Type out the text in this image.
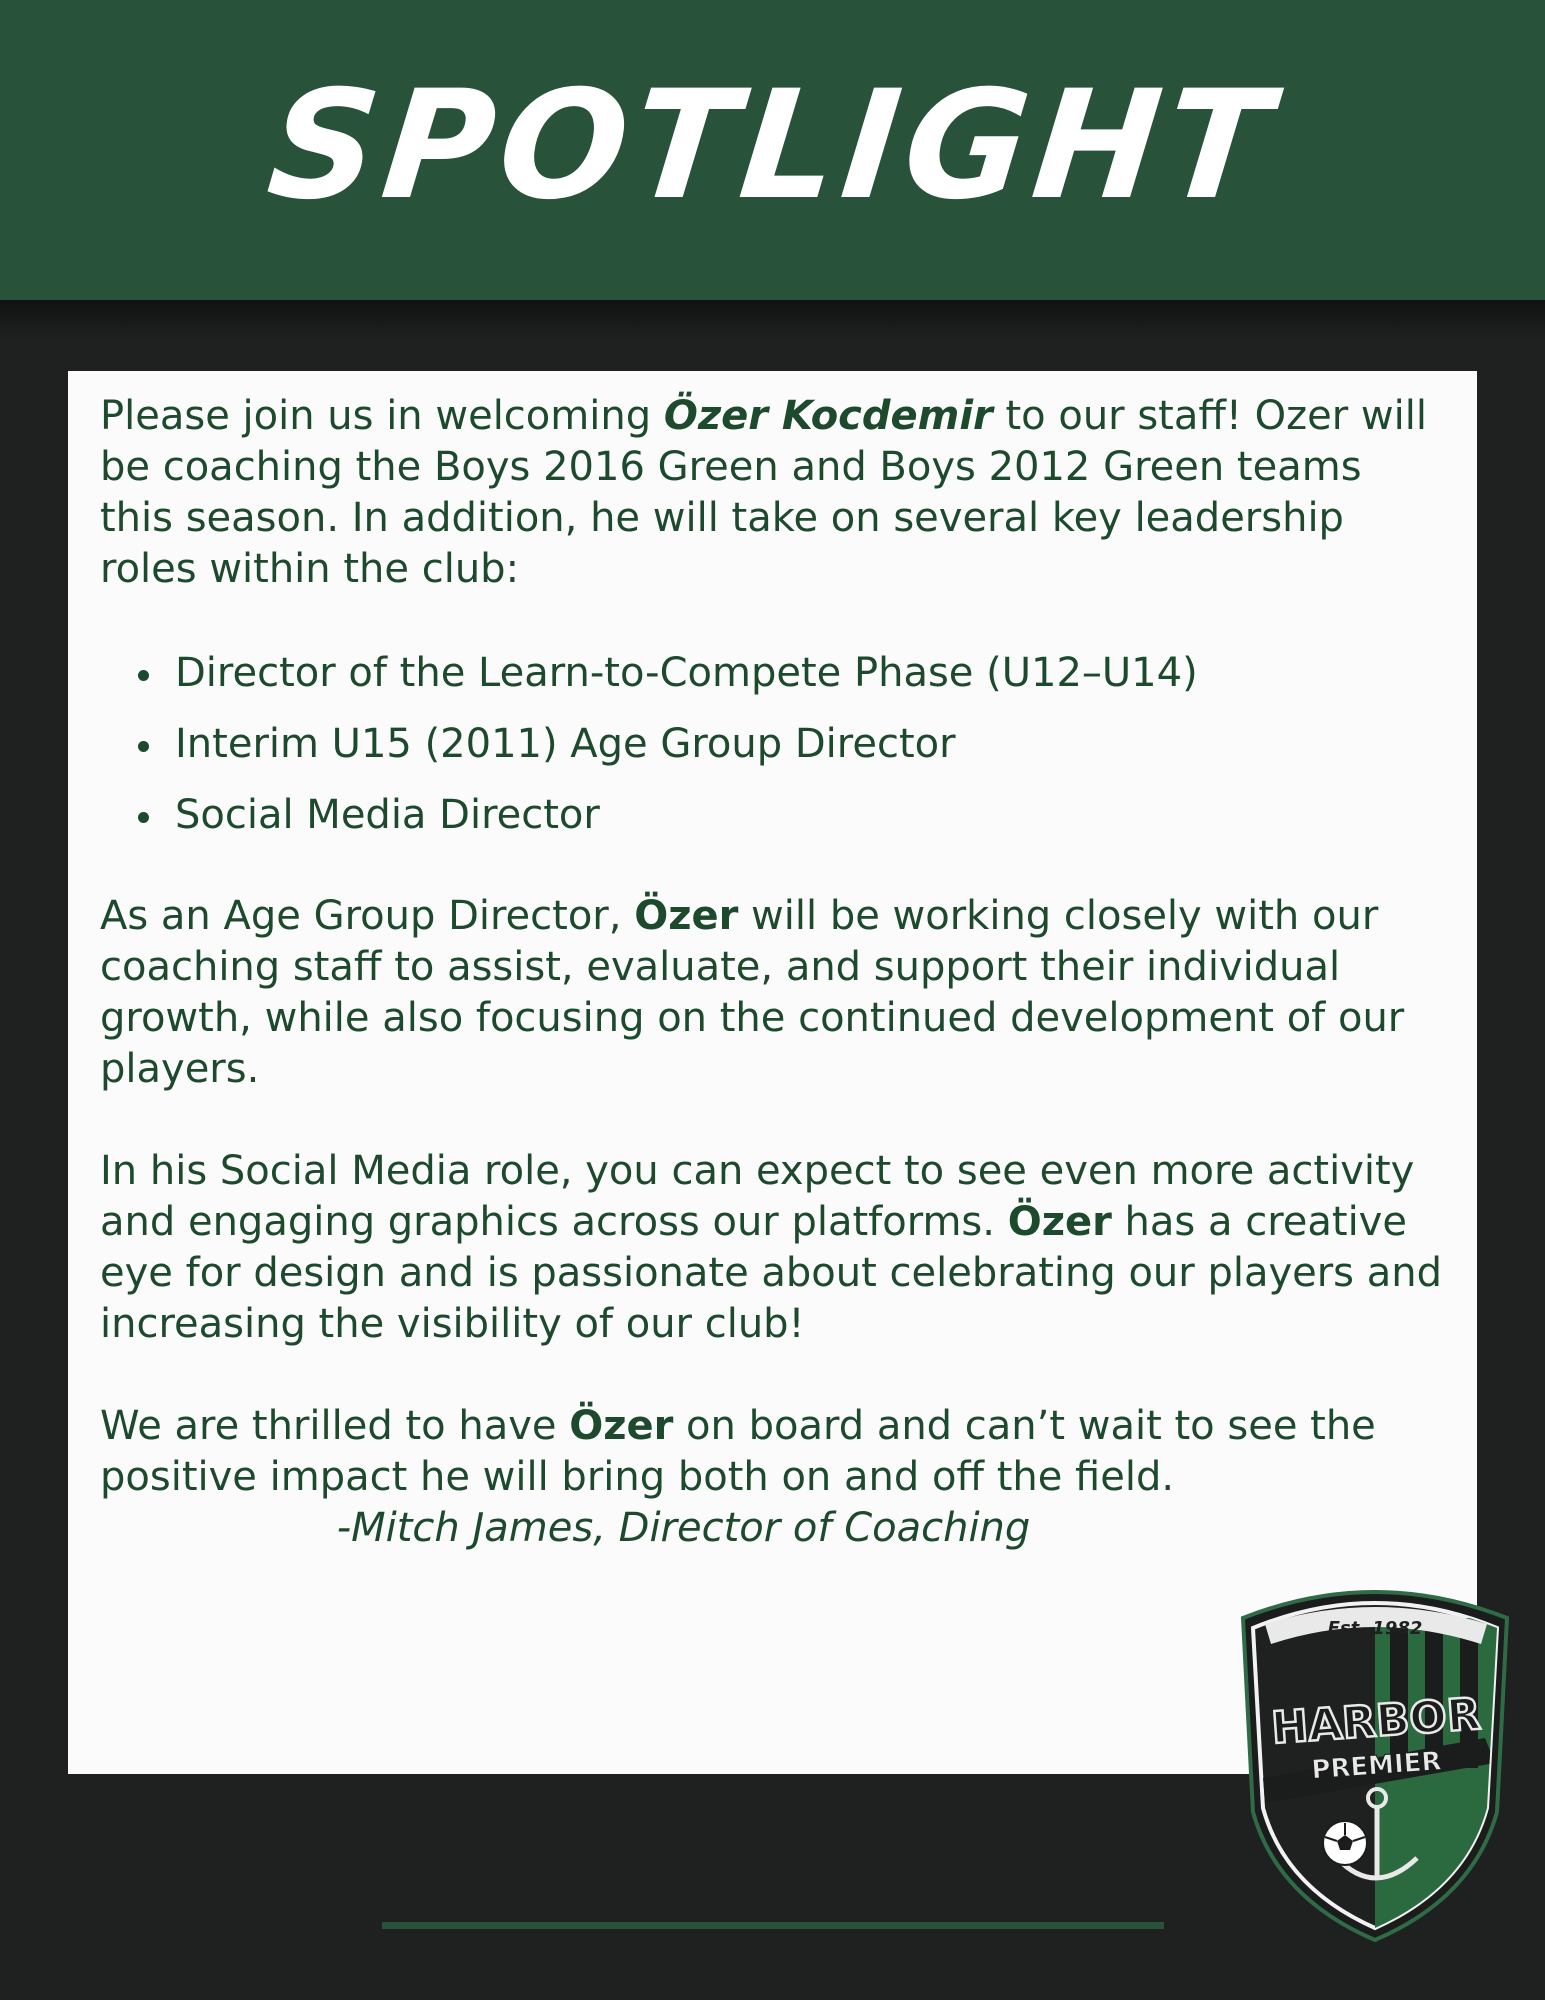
SPOTLIGHT

Please join us in welcoming Özer Kocdemir to our staff! Ozer will be coaching the Boys 2016 Green and Boys 2012 Green teams this season. In addition, he will take on several key leadership roles within the club:

Director of the Learn-to-Compete Phase (U12–U14)
Interim U15 (2011) Age Group Director
Social Media Director

As an Age Group Director, Özer will be working closely with our coaching staff to assist, evaluate, and support their individual growth, while also focusing on the continued development of our players.

In his Social Media role, you can expect to see even more activity and engaging graphics across our platforms. Özer has a creative eye for design and is passionate about celebrating our players and increasing the visibility of our club!

We are thrilled to have Özer on board and can’t wait to see the positive impact he will bring both on and off the field.

-Mitch James, Director of Coaching

Est. 1982
HARBOR
PREMIER
